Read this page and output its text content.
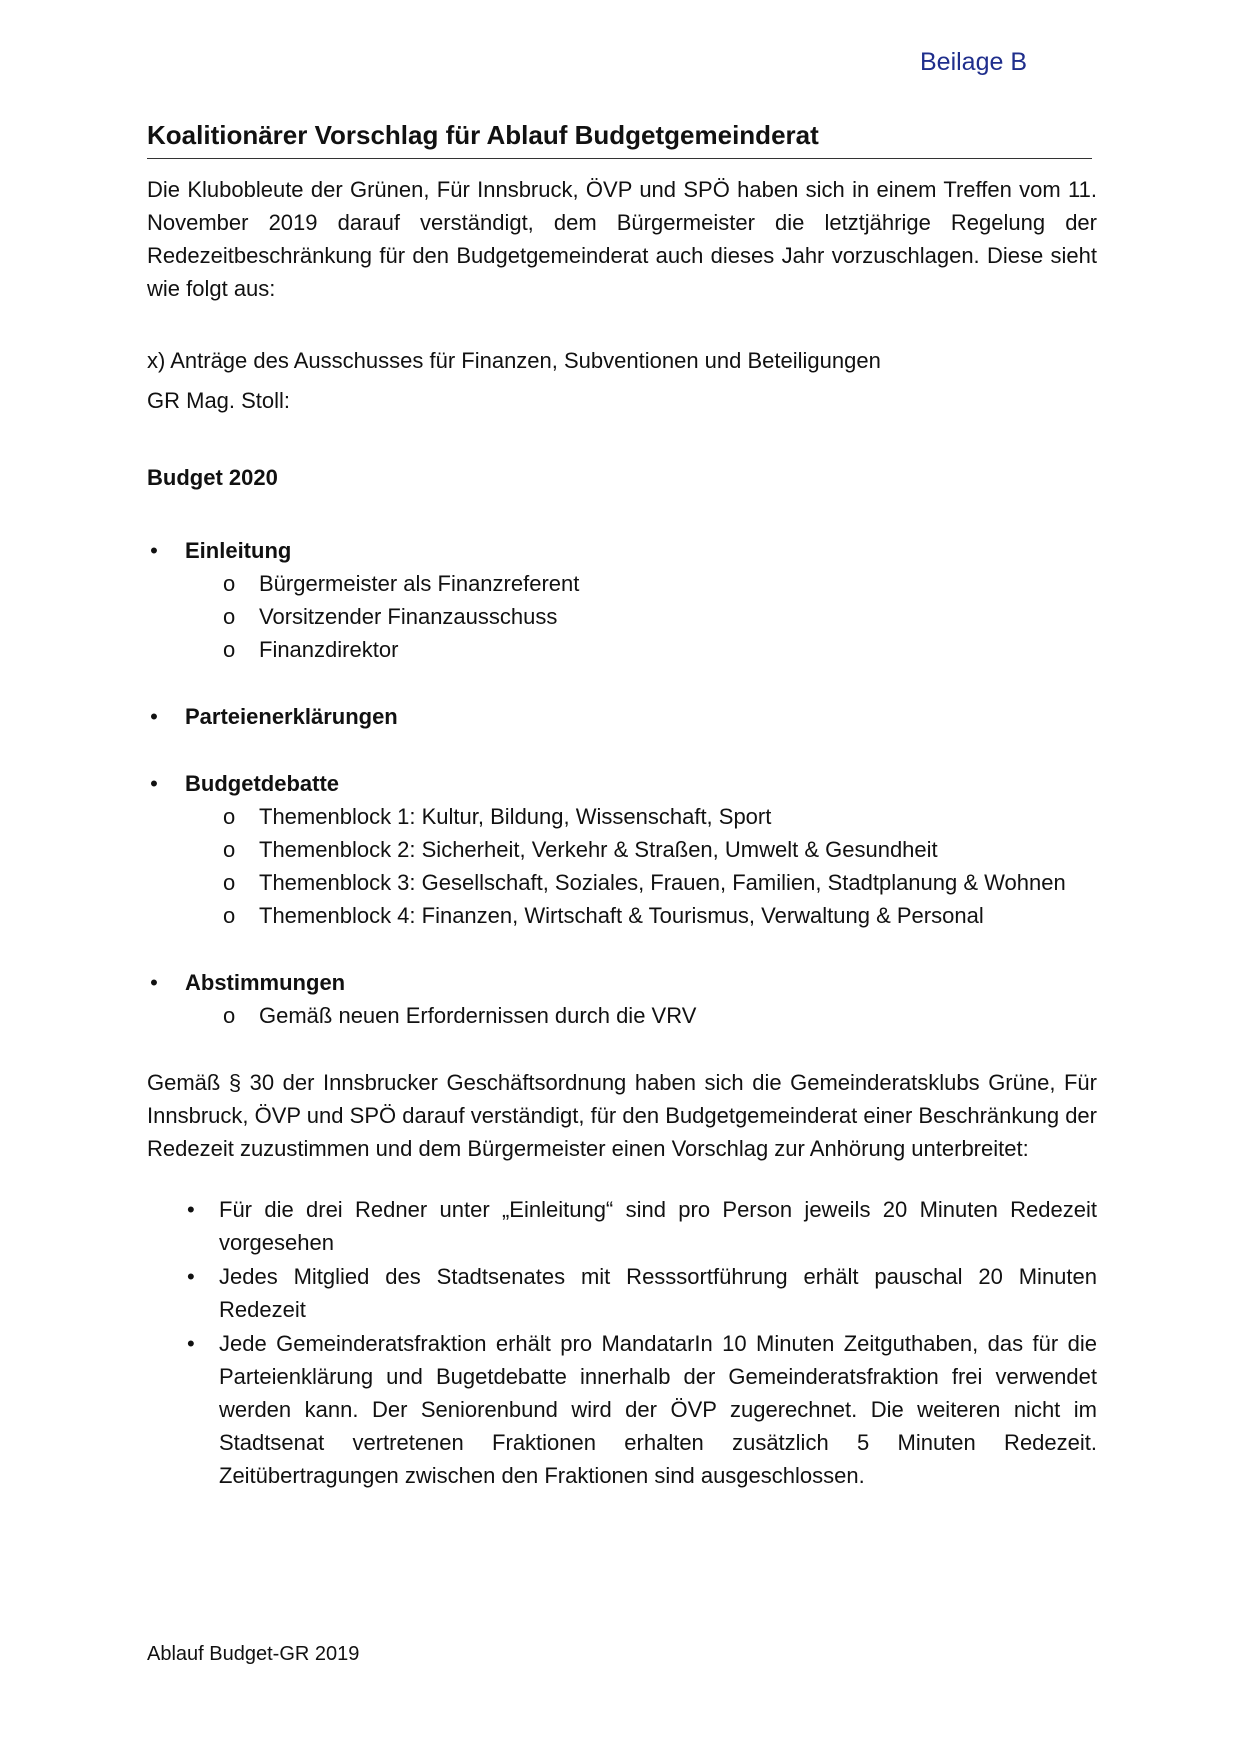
Beilage B
Koalitionärer Vorschlag für Ablauf Budgetgemeinderat

Die Klubobleute der Grünen, Für Innsbruck, ÖVP und SPÖ haben sich in einem Treffen vom 11. November 2019 darauf verständigt, dem Bürgermeister die letztjährige Regelung der Redezeitbeschränkung für den Budgetgemeinderat auch dieses Jahr vorzuschlagen. Diese sieht wie folgt aus:

x) Anträge des Ausschusses für Finanzen, Subventionen und Beteiligungen
GR Mag. Stoll:
Budget 2020
• Einleitung
o Bürgermeister als Finanzreferent
o Vorsitzender Finanzausschuss
o Finanzdirektor
• Parteienerklärungen
• Budgetdebatte
o Themenblock 1: Kultur, Bildung, Wissenschaft, Sport
o Themenblock 2: Sicherheit, Verkehr & Straßen, Umwelt & Gesundheit
o Themenblock 3: Gesellschaft, Soziales, Frauen, Familien, Stadtplanung & Wohnen
o Themenblock 4: Finanzen, Wirtschaft & Tourismus, Verwaltung & Personal
• Abstimmungen
o Gemäß neuen Erfordernissen durch die VRV

Gemäß § 30 der Innsbrucker Geschäftsordnung haben sich die Gemeinderatsklubs Grüne, Für Innsbruck, ÖVP und SPÖ darauf verständigt, für den Budgetgemeinderat einer Beschränkung der Redezeit zuzustimmen und dem Bürgermeister einen Vorschlag zur Anhörung unterbreitet:

• Für die drei Redner unter „Einleitung“ sind pro Person jeweils 20 Minuten Redezeit vorgesehen
• Jedes Mitglied des Stadtsenates mit Resssortführung erhält pauschal 20 Minuten Redezeit
• Jede Gemeinderatsfraktion erhält pro MandatarIn 10 Minuten Zeitguthaben, das für die Parteienklärung und Bugetdebatte innerhalb der Gemeinderatsfraktion frei verwendet werden kann. Der Seniorenbund wird der ÖVP zugerechnet. Die weiteren nicht im Stadtsenat vertretenen Fraktionen erhalten zusätzlich 5 Minuten Redezeit. Zeitübertragungen zwischen den Fraktionen sind ausgeschlossen.
Ablauf Budget-GR 2019
